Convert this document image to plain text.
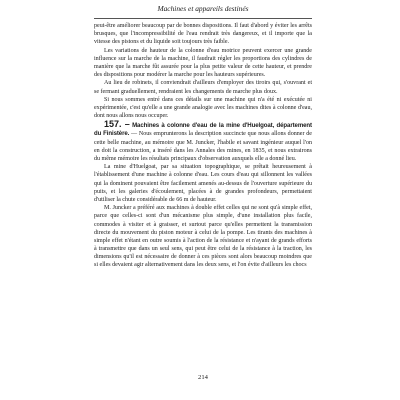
Machines et appareils destinés

peut-être améliorer beaucoup par de bonnes dispositions. Il faut d'abord y éviter les arrêts brusques, que l'incompressibilité de l'eau rendrait très dangereux, et il importe que la vitesse des pistons et du liquide soit toujours très faible.

Les variations de hauteur de la colonne d'eau motrice peuvent exercer une grande influence sur la marche de la machine, il faudrait régler les proportions des cylindres de manière que la marche fût assurée pour la plus petite valeur de cette hauteur, et prendre des dispositions pour modérer la marche pour les hauteurs supérieures.

Au lieu de robinets, il conviendrait d'ailleurs d'employer des tiroirs qui, s'ouvrant et se fermant graduellement, rendraient les changements de marche plus doux.

Si nous sommes entré dans ces détails sur une machine qui n'a été ni exécutée ni expérimentée, c'est qu'elle a une grande analogie avec les machines dites à colonne d'eau, dont nous allons nous occuper.

157. – Machines à colonne d'eau de la mine d'Huelgoat, département du Finistère. — Nous emprunterons la description succincte que nous allons donner de cette belle machine, au mémoire que M. Juncker, l'habile et savant ingénieur auquel l'on en doit la construction, a inséré dans les Annales des mines, en 1835, et nous extrairons du même mémoire les résultats principaux d'observation auxquels elle a donné lieu.

La mine d'Huelgoat, par sa situation topographique, se prêtait heureusement à l'établissement d'une machine à colonne d'eau. Les cours d'eau qui sillonnent les vallées qui la dominent pouvaient être facilement amenés au-dessus de l'ouverture supérieure du puits, et les galeries d'écoulement, placées à de grandes profondeurs, permettaient d'utiliser la chute considérable de 66 m de hauteur.

M. Juncker a préféré aux machines à double effet celles qui ne sont qu'à simple effet, parce que celles-ci sont d'un mécanisme plus simple, d'une installation plus facile, commodes à visiter et à graisser, et surtout parce qu'elles permettent la transmission directe du mouvement du piston moteur à celui de la pompe. Les tirants des machines à simple effet n'étant en outre soumis à l'action de la résistance et n'ayant de grands efforts à transmettre que dans un seul sens, qui peut être celui de la résistance à la traction, les dimensions qu'il est nécessaire de donner à ces pièces sont alors beaucoup moindres que si elles devaient agir alternativement dans les deux sens, et l'on évite d'ailleurs les chocs

214
